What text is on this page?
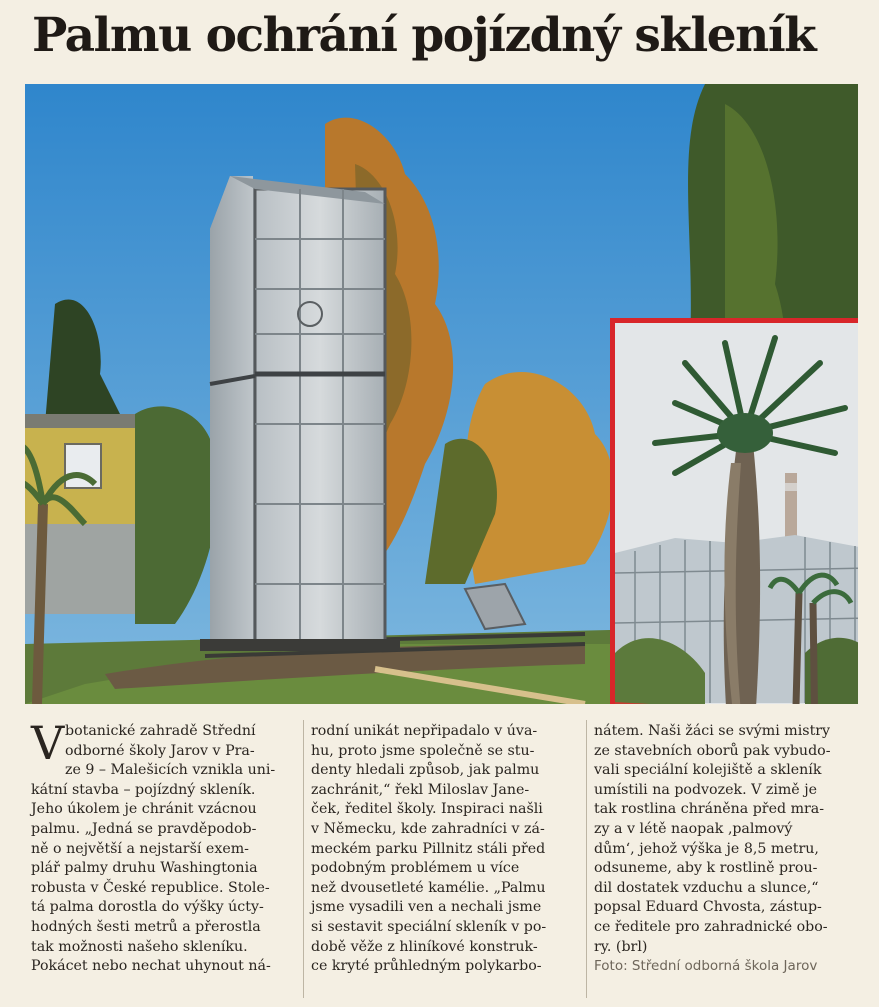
Palmu ochrání pojízdný skleník
V botanické zahradě Střední
odborné školy Jarov v Pra-
ze 9 – Malešicích vznikla uni-
kátní stavba – pojízdný skleník.
Jeho úkolem je chránit vzácnou
palmu. „Jedná se pravděpodob-
ně o největší a nejstarší exem-
plář palmy druhu Washingtonia
robusta v České republice. Stole-
tá palma dorostla do výšky úcty-
hodných šesti metrů a přerostla
tak možnosti našeho skleníku.
Pokácet nebo nechat uhynout ná-
rodní unikát nepřipadalo v úva-
hu, proto jsme společně se stu-
denty hledali způsob, jak palmu
zachránit,“ řekl Miloslav Jane-
ček, ředitel školy. Inspiraci našli
v Německu, kde zahradníci v zá-
meckém parku Pillnitz stáli před
podobným problémem u více
než dvousetleté kamélie. „Palmu
jsme vysadili ven a nechali jsme
si sestavit speciální skleník v po-
době věže z hliníkové konstruk-
ce kryté průhledným polykarbo-
nátem. Naši žáci se svými mistry
ze stavebních oborů pak vybudo-
vali speciální kolejiště a skleník
umístili na podvozek. V zimě je
tak rostlina chráněna před mra-
zy a v létě naopak ‚palmový
dům‘, jehož výška je 8,5 metru,
odsuneme, aby k rostlině prou-
dil dostatek vzduchu a slunce,“
popsal Eduard Chvosta, zástup-
ce ředitele pro zahradnické obo-
ry. (brl)
Foto: Střední odborná škola Jarov
